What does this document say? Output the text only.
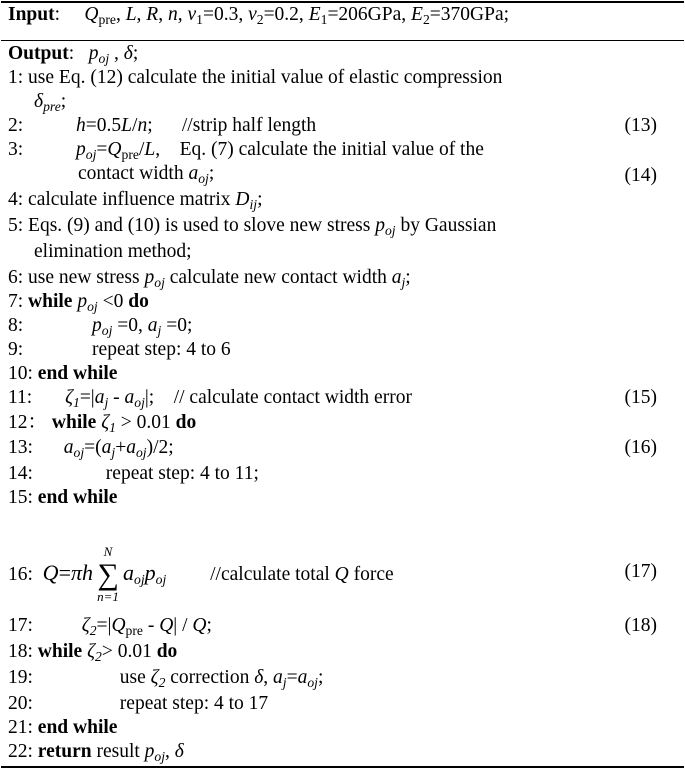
Input:     $Q_{pre}$, L, R, n, $v_1=0.3$, $v_2=0.2$, $E_1=206GPa$, $E_2=370GPa$;
Output:   $p_{oj}$ , δ;
1: use Eq. (12) calculate the initial value of elastic compression
$\delta_{pre}$;
2:	h=0.5L/n; //strip half length	(13)
3:	$p_{oj}=Q_{pre}/L$,    Eq. (7) calculate the initial value of the
contact width $a_{oj}$;	(14)
4: calculate influence matrix $D_{ij}$;
5: Eqs. (9) and (10) is used to slove new stress $p_{oj}$ by Gaussian
elimination method;
6: use new stress $p_{oj}$ calculate new contact width $a_j$;
7: while $p_{oj} <0$ do
8:	$p_{oj} =0$, $a_j =0$;
9:	repeat step: 4 to 6
10: end while
11: $\zeta_1=|a_j - a_{oj}|$; // calculate contact width error	(15)
12： while $\zeta_1 > 0.01$ do
13: $a_{oj}=(a_j+a_{oj})/2$;	(16)
14:	repeat step: 4 to 11;
15: end while
16: Q=πh
N
∑
n=1
$a_{oj}p_{oj}$ //calculate total Q force	(17)
17:	$\zeta_2=|Q_{pre} - Q| / Q$;	(18)
18: while $\zeta_2> 0.01$ do
19:	use $\zeta_2$ correction δ, $a_j=a_{oj}$;
20:	repeat step: 4 to 17
21: end while
22: return result $p_{oj}$, δ
